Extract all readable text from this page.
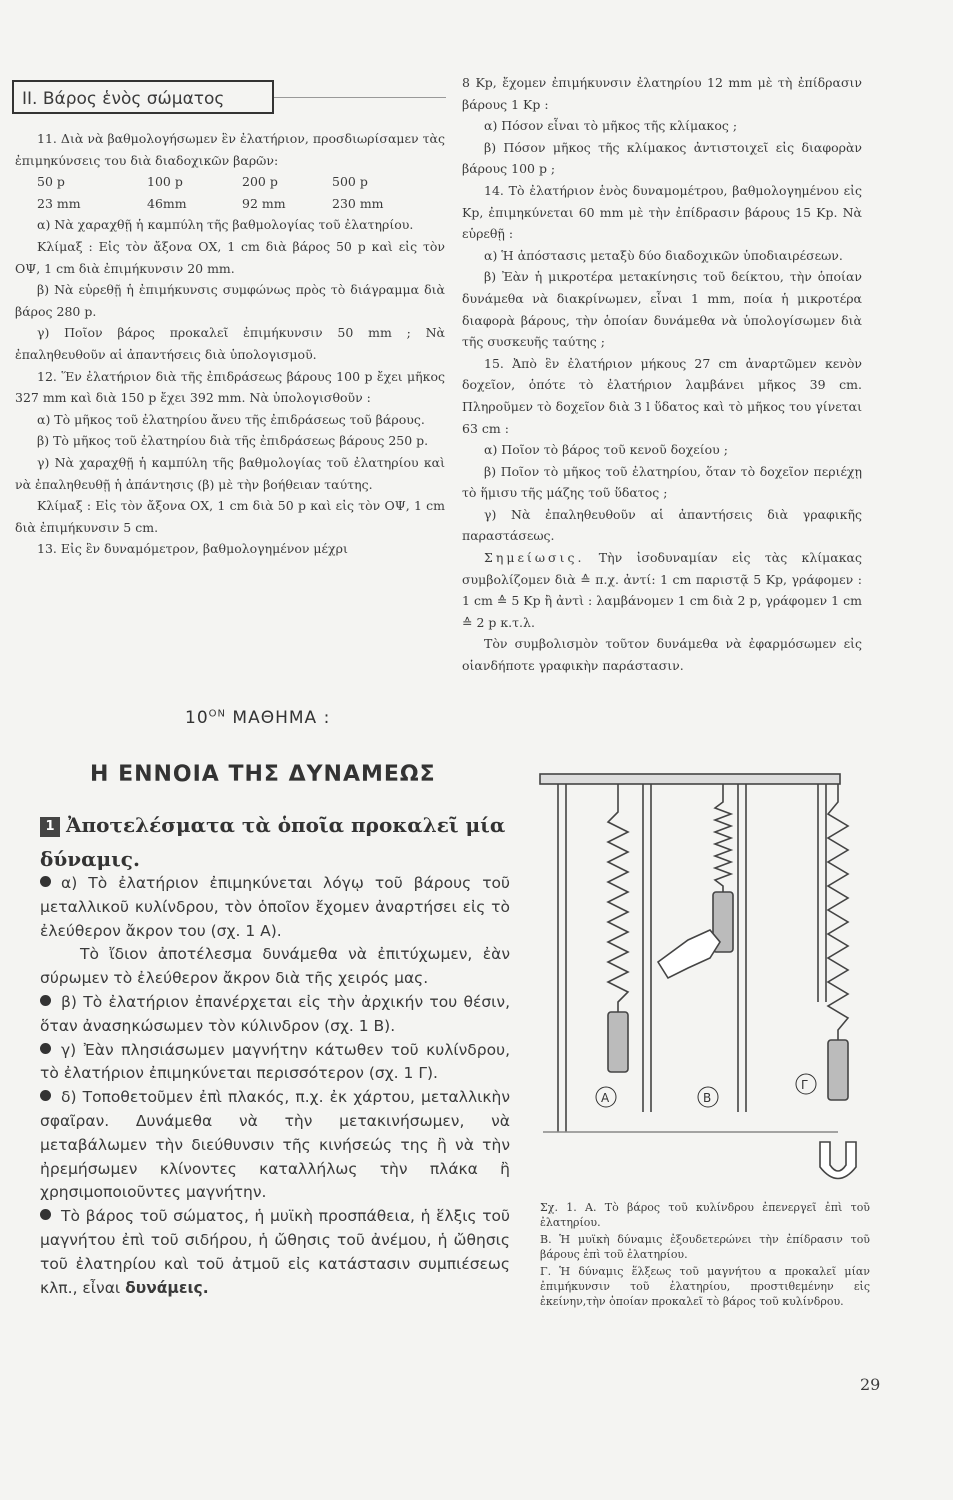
ΙΙ. Βάρος ἑνὸς σώματος

11. Διὰ νὰ βαθμολογήσωμεν ἓν ἐλατήριον, προσδιωρίσαμεν τὰς ἐπιμηκύνσεις του διὰ διαδοχικῶν βαρῶν:

50 p	100 p	200 p	500 p
23 mm	46mm	92 mm	230 mm

α) Νὰ χαραχθῇ ἡ καμπύλη τῆς βαθμολογίας τοῦ ἐλατηρίου.

Κλίμαξ : Εἰς τὸν ἄξονα ΟΧ, 1 cm διὰ βάρος 50 p καὶ εἰς τὸν ΟΨ, 1 cm διὰ ἐπιμήκυνσιν 20 mm.

β) Νὰ εὑρεθῇ ἡ ἐπιμήκυνσις συμφώνως πρὸς τὸ διάγραμμα διὰ βάρος 280 p.

γ) Ποῖον βάρος προκαλεῖ ἐπιμήκυνσιν 50 mm ; Νὰ ἐπαληθευθοῦν αἱ ἀπαντήσεις διὰ ὑπολογισμοῦ.

12. Ἕν ἐλατήριον διὰ τῆς ἐπιδράσεως βάρους 100 p ἔχει μῆκος 327 mm καὶ διὰ 150 p ἔχει 392 mm. Νὰ ὑπολογισθοῦν :

α) Τὸ μῆκος τοῦ ἐλατηρίου ἄνευ τῆς ἐπιδράσεως τοῦ βάρους.

β) Τὸ μῆκος τοῦ ἐλατηρίου διὰ τῆς ἐπιδράσεως βάρους 250 p.

γ) Νὰ χαραχθῇ ἡ καμπύλη τῆς βαθμολογίας τοῦ ἐλατηρίου καὶ νὰ ἐπαληθευθῇ ἡ ἀπάντησις (β) μὲ τὴν βοήθειαν ταύτης.

Κλίμαξ : Εἰς τὸν ἄξονα ΟΧ, 1 cm διὰ 50 p καὶ εἰς τὸν ΟΨ, 1 cm διὰ ἐπιμήκυνσιν 5 cm.

13. Εἰς ἓν δυναμόμετρον, βαθμολογημένον μέχρι

8 Kp, ἔχομεν ἐπιμήκυνσιν ἐλατηρίου 12 mm μὲ τὴ ἐπίδρασιν βάρους 1 Kp :

α) Πόσον εἶναι τὸ μῆκος τῆς κλίμακος ;

β) Πόσον μῆκος τῆς κλίμακος ἀντιστοιχεῖ εἰς διαφορὰν βάρους 100 p ;

14. Τὸ ἐλατήριον ἑνὸς δυναμομέτρου, βαθμολογημένου εἰς Kp, ἐπιμηκύνεται 60 mm μὲ τὴν ἐπίδρασιν βάρους 15 Kp. Νὰ εὑρεθῇ :

α) Ἡ ἀπόστασις μεταξὺ δύο διαδοχικῶν ὑποδιαιρέσεων.

β) Ἐὰν ἡ μικροτέρα μετακίνησις τοῦ δείκτου, τὴν ὁποίαν δυνάμεθα νὰ διακρίνωμεν, εἶναι 1 mm, ποία ἡ μικροτέρα διαφορὰ βάρους, τὴν ὁποίαν δυνάμεθα νὰ ὑπολογίσωμεν διὰ τῆς συσκευῆς ταύτης ;

15. Ἀπὸ ἓν ἐλατήριον μήκους 27 cm ἀναρτῶμεν κενὸν δοχεῖον, ὁπότε τὸ ἐλατήριον λαμβάνει μῆκος 39 cm. Πληροῦμεν τὸ δοχεῖον διὰ 3 l ὕδατος καὶ τὸ μῆκος του γίνεται 63 cm :

α) Ποῖον τὸ βάρος τοῦ κενοῦ δοχείου ;

β) Ποῖον τὸ μῆκος τοῦ ἐλατηρίου, ὅταν τὸ δοχεῖον περιέχῃ τὸ ἥμισυ τῆς μάζης τοῦ ὕδατος ;

γ) Νὰ ἐπαληθευθοῦν αἱ ἀπαντήσεις διὰ γραφικῆς παραστάσεως.

Σημείωσις. Τὴν ἰσοδυναμίαν εἰς τὰς κλίμακας συμβολίζομεν διὰ ≙ π.χ. ἀντί: 1 cm παριστᾷ 5 Kp, γράφομεν : 1 cm ≙ 5 Kp ἢ ἀντὶ : λαμβάνομεν 1 cm διὰ 2 p, γράφομεν 1 cm ≙ 2 p κ.τ.λ.

Τὸν συμβολισμὸν τοῦτον δυνάμεθα νὰ ἐφαρμόσωμεν εἰς οἱανδήποτε γραφικὴν παράστασιν.

$10^{ON}$ ΜΑΘΗΜΑ :
Η ΕΝΝΟΙΑ ΤΗΣ ΔΥΝΑΜΕΩΣ
1 Ἀποτελέσματα τὰ ὁποῖα προκαλεῖ μία δύναμις.

α) Τὸ ἐλατήριον ἐπιμηκύνεται λόγῳ τοῦ βάρους τοῦ μεταλλικοῦ κυλίνδρου, τὸν ὁποῖον ἔχομεν ἀναρτήσει εἰς τὸ ἐλεύθερον ἄκρον του (σχ. 1 Α).

Τὸ ἴδιον ἀποτέλεσμα δυνάμεθα νὰ ἐπιτύχωμεν, ἐὰν σύρωμεν τὸ ἐλεύθερον ἄκρον διὰ τῆς χειρός μας.

β) Τὸ ἐλατήριον ἐπανέρχεται εἰς τὴν ἀρχικήν του θέσιν, ὅταν ἀνασηκώσωμεν τὸν κύλινδρον (σχ. 1 Β).

γ) Ἐὰν πλησιάσωμεν μαγνήτην κάτωθεν τοῦ κυλίνδρου, τὸ ἐλατήριον ἐπιμηκύνεται περισσότερον (σχ. 1 Γ).

δ) Τοποθετοῦμεν ἐπὶ πλακός, π.χ. ἐκ χάρτου, μεταλλικὴν σφαῖραν. Δυνάμεθα νὰ τὴν μετακινήσωμεν, νὰ μεταβάλωμεν τὴν διεύθυνσιν τῆς κινήσεώς της ἢ νὰ τὴν ἠρεμήσωμεν κλίνοντες καταλλήλως τὴν πλάκα ἢ χρησιμοποιοῦντες μαγνήτην.

Τὸ βάρος τοῦ σώματος, ἡ μυϊκὴ προσπάθεια, ἡ ἕλξις τοῦ μαγνήτου ἐπὶ τοῦ σιδήρου, ἡ ὤθησις τοῦ ἀνέμου, ἡ ὤθησις τοῦ ἐλατηρίου καὶ τοῦ ἀτμοῦ εἰς κατάστασιν συμπιέσεως κλπ., εἶναι δυνάμεις.

Α	Β
Γ

Σχ. 1. Α. Τὸ βάρος τοῦ κυλίνδρου ἐπενεργεῖ ἐπὶ τοῦ ἐλατηρίου.

Β. Ἡ μυϊκὴ δύναμις ἐξουδετερώνει τὴν ἐπίδρασιν τοῦ βάρους ἐπὶ τοῦ ἐλατηρίου.

Γ. Ἡ δύναμις ἕλξεως τοῦ μαγνήτου α προκαλεῖ μίαν ἐπιμήκυνσιν τοῦ ἐλατηρίου, προστιθεμένην εἰς ἐκείνην,τὴν ὁποίαν προκαλεῖ τὸ βάρος τοῦ κυλίνδρου.

29
